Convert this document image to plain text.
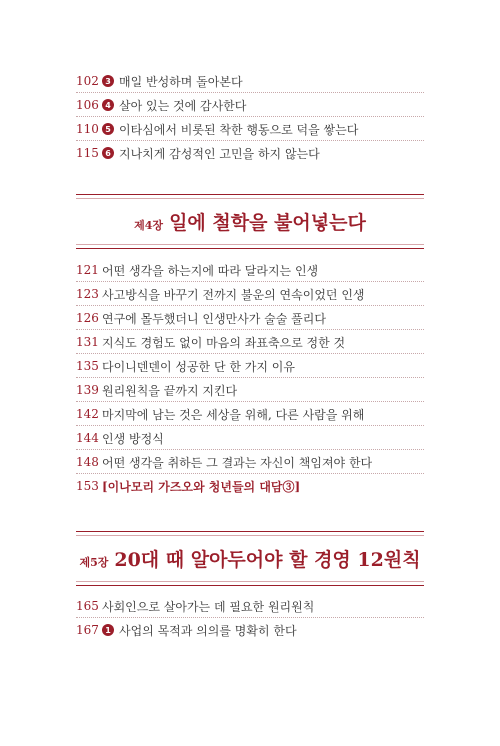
102 3 매일 반성하며 돌아본다
106 4 살아 있는 것에 감사한다
110 5 이타심에서 비롯된 착한 행동으로 덕을 쌓는다
115 6 지나치게 감성적인 고민을 하지 않는다
제4장 일에 철학을 불어넣는다
121 어떤 생각을 하는지에 따라 달라지는 인생
123 사고방식을 바꾸기 전까지 불운의 연속이었던 인생
126 연구에 몰두했더니 인생만사가 술술 풀리다
131 지식도 경험도 없이 마음의 좌표축으로 정한 것
135 다이니덴덴이 성공한 단 한 가지 이유
139 원리원칙을 끝까지 지킨다
142 마지막에 남는 것은 세상을 위해, 다른 사람을 위해
144 인생 방정식
148 어떤 생각을 취하든 그 결과는 자신이 책임져야 한다
153 [이나모리 가즈오와 청년들의 대담③]
제5장 20대 때 알아두어야 할 경영 12원칙
165 사회인으로 살아가는 데 필요한 원리원칙
167 1 사업의 목적과 의의를 명확히 한다
